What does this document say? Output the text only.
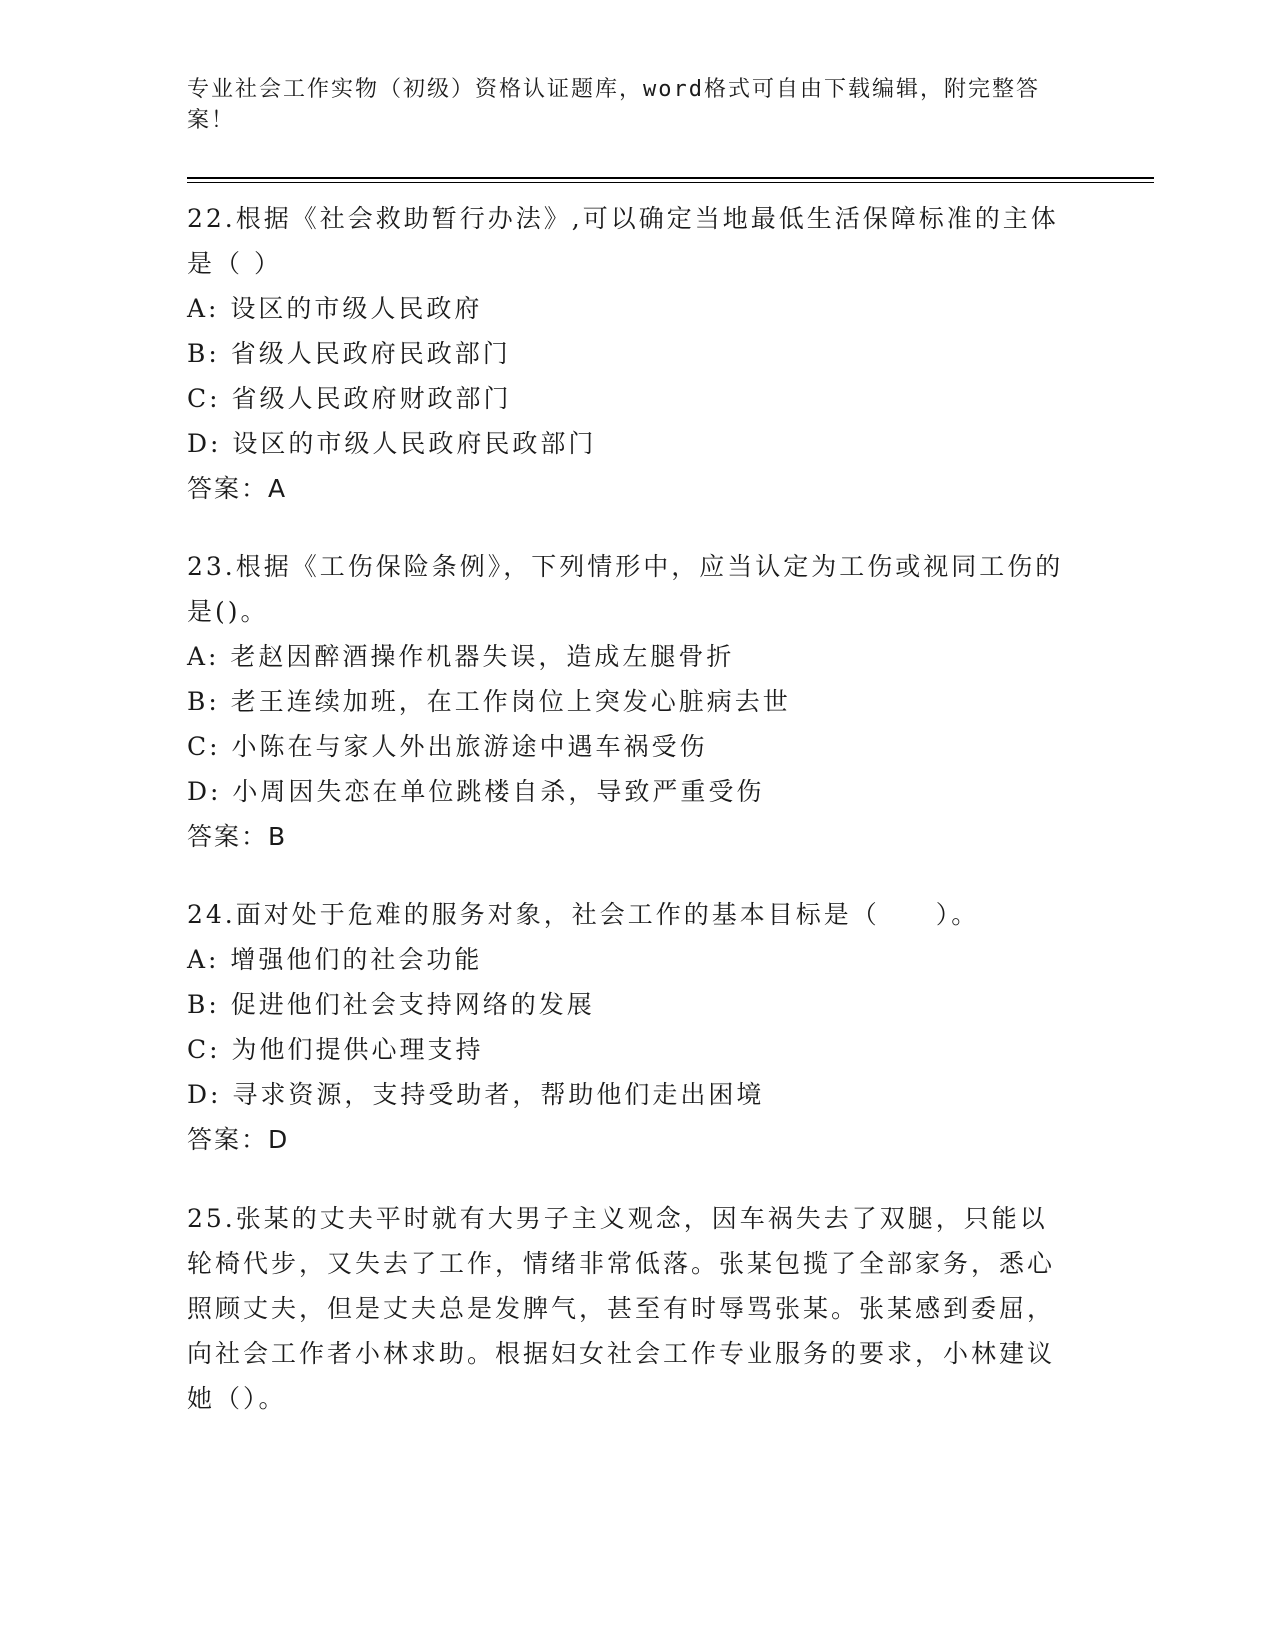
专业社会工作实物（初级）资格认证题库，word格式可自由下载编辑，附完整答案！
22.根据《社会救助暂行办法》,可以确定当地最低生活保障标准的主体是（ ）
A: 设区的市级人民政府
B: 省级人民政府民政部门
C: 省级人民政府财政部门
D: 设区的市级人民政府民政部门
答案：A
23.根据《工伤保险条例》，下列情形中，应当认定为工伤或视同工伤的是()。
A: 老赵因醉酒操作机器失误，造成左腿骨折
B: 老王连续加班，在工作岗位上突发心脏病去世
C: 小陈在与家人外出旅游途中遇车祸受伤
D: 小周因失恋在单位跳楼自杀，导致严重受伤
答案：B
24.面对处于危难的服务对象，社会工作的基本目标是（　　）。
A: 增强他们的社会功能
B: 促进他们社会支持网络的发展
C: 为他们提供心理支持
D: 寻求资源，支持受助者，帮助他们走出困境
答案：D
25.张某的丈夫平时就有大男子主义观念，因车祸失去了双腿，只能以轮椅代步，又失去了工作，情绪非常低落。张某包揽了全部家务，悉心照顾丈夫，但是丈夫总是发脾气，甚至有时辱骂张某。张某感到委屈，向社会工作者小林求助。根据妇女社会工作专业服务的要求，小林建议她（）。
